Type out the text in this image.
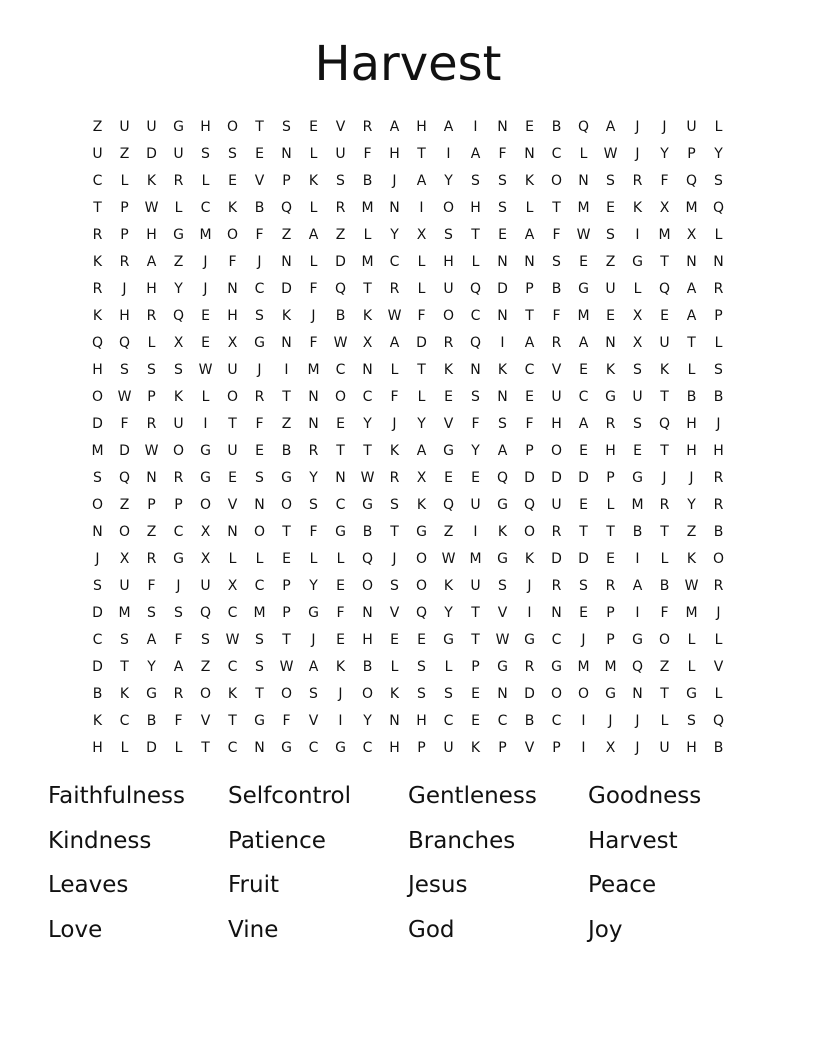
Harvest
Z	U	U	G	H	O	T	S	E	V	R	A	H	A	I	N	E	B	Q	A	J	J	U	L
U	Z	D	U	S	S	E	N	L	U	F	H	T	I	A	F	N	C	L	W	J	Y	P	Y
C	L	K	R	L	E	V	P	K	S	B	J	A	Y	S	S	K	O	N	S	R	F	Q	S
T	P	W	L	C	K	B	Q	L	R	M	N	I	O	H	S	L	T	M	E	K	X	M	Q
R	P	H	G	M	O	F	Z	A	Z	L	Y	X	S	T	E	A	F	W	S	I	M	X	L
K	R	A	Z	J	F	J	N	L	D	M	C	L	H	L	N	N	S	E	Z	G	T	N	N
R	J	H	Y	J	N	C	D	F	Q	T	R	L	U	Q	D	P	B	G	U	L	Q	A	R
K	H	R	Q	E	H	S	K	J	B	K	W	F	O	C	N	T	F	M	E	X	E	A	P
Q	Q	L	X	E	X	G	N	F	W	X	A	D	R	Q	I	A	R	A	N	X	U	T	L
H	S	S	S	W	U	J	I	M	C	N	L	T	K	N	K	C	V	E	K	S	K	L	S
O	W	P	K	L	O	R	T	N	O	C	F	L	E	S	N	E	U	C	G	U	T	B	B
D	F	R	U	I	T	F	Z	N	E	Y	J	Y	V	F	S	F	H	A	R	S	Q	H	J
M	D	W	O	G	U	E	B	R	T	T	K	A	G	Y	A	P	O	E	H	E	T	H	H
S	Q	N	R	G	E	S	G	Y	N	W	R	X	E	E	Q	D	D	D	P	G	J	J	R
O	Z	P	P	O	V	N	O	S	C	G	S	K	Q	U	G	Q	U	E	L	M	R	Y	R
N	O	Z	C	X	N	O	T	F	G	B	T	G	Z	I	K	O	R	T	T	B	T	Z	B
J	X	R	G	X	L	L	E	L	L	Q	J	O	W	M	G	K	D	D	E	I	L	K	O
S	U	F	J	U	X	C	P	Y	E	O	S	O	K	U	S	J	R	S	R	A	B	W	R
D	M	S	S	Q	C	M	P	G	F	N	V	Q	Y	T	V	I	N	E	P	I	F	M	J
C	S	A	F	S	W	S	T	J	E	H	E	E	G	T	W	G	C	J	P	G	O	L	L
D	T	Y	A	Z	C	S	W	A	K	B	L	S	L	P	G	R	G	M	M	Q	Z	L	V
B	K	G	R	O	K	T	O	S	J	O	K	S	S	E	N	D	O	O	G	N	T	G	L
K	C	B	F	V	T	G	F	V	I	Y	N	H	C	E	C	B	C	I	J	J	L	S	Q
H	L	D	L	T	C	N	G	C	G	C	H	P	U	K	P	V	P	I	X	J	U	H	B
Faithfulness	Selfcontrol	Gentleness	Goodness
Kindness	Patience	Branches	Harvest
Leaves	Fruit	Jesus	Peace
Love	Vine	God	Joy
